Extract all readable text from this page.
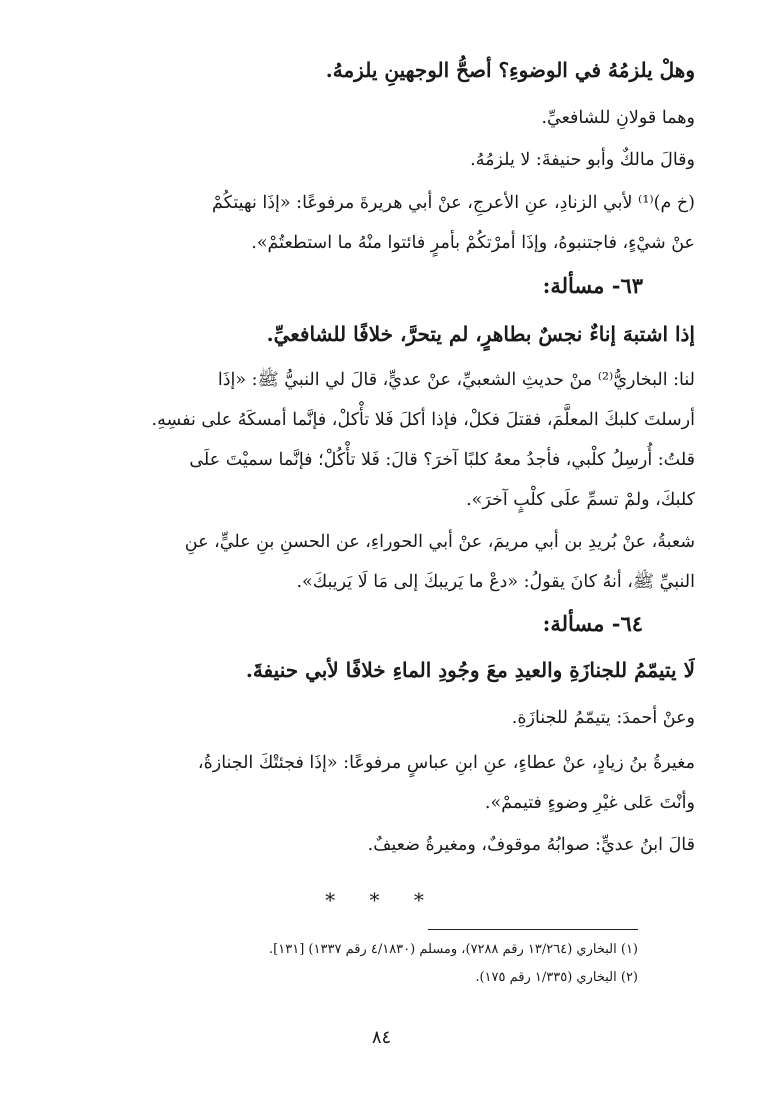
وهلْ يلزمُهُ في الوضوءِ؟ أصحُّ الوجهينِ يلزمهُ.
وهما قولانِ للشافعيِّ.
وقالَ مالكٌ وأبو حنيفةَ: لا يلزمُهُ.
(خ م)⁽¹⁾ لأبي الزنادِ، عنِ الأعرجِ، عنْ أبي هريرةَ مرفوعًا: «إذَا نهيتكُمْ
عنْ شيْءٍ، فاجتنبوهُ، وإذَا أمرْتكُمْ بأمرٍ فائتوا منْهُ ما استطعتُمْ».
٦٣- مسألة:
إذا اشتبهَ إناءٌ نجسٌ بطاهرٍ، لم يتحرَّ، خلافًا للشافعيِّ.
لنا: البخاريُّ⁽²⁾ منْ حديثِ الشعبيِّ، عنْ عديٍّ، قالَ لي النبيُّ ﷺ: «إذَا
أرسلتَ كلبكَ المعلَّمَ، فقتلَ فكلْ، فإذا أكلَ فَلا تأْكلْ، فإنَّما أمسكَهُ على نفسِهِ.
قلتُ: أُرسِلُ كلْبي، فأجدُ معهُ كلبًا آخرَ؟ قالَ: فَلا تأْكُلْ؛ فإنَّما سميْتَ علَى
كلبكَ، ولمْ تسمِّ علَى كلْبٍ آخرَ».
شعبةُ، عنْ بُريدِ بن أبي مريمَ، عنْ أبي الحوراءِ، عن الحسنِ بنِ عليٍّ، عنِ
النبيِّ ﷺ، أنهُ كانَ يقولُ: «دعْ ما يَريبكَ إلى مَا لَا يَريبكَ».
٦٤- مسألة:
لَا يتيمّمُ للجنازَةِ والعيدِ معَ وجُودِ الماءِ خلافًا لأبي حنيفةَ.
وعنْ أحمدَ: يتيمّمُ للجنازَةِ.
مغيرةُ بنُ زيادٍ، عنْ عطاءٍ، عنِ ابنِ عباسٍ مرفوعًا: «إذَا فجئتْكَ الجنازةُ،
وأنْتَ عَلى غيْرِ وضوءٍ فتيممْ».
قالَ ابنُ عديٍّ: صوابُهُ موقوفٌ، ومغيرةُ ضعيفٌ.
* * *
(١) البخاري (١٣/٢٦٤ رقم ٧٢٨٨)، ومسلم (٤/١٨٣٠ رقم ١٣٣٧) [١٣١].
(٢) البخاري (١/٣٣٥ رقم ١٧٥).
٨٤
